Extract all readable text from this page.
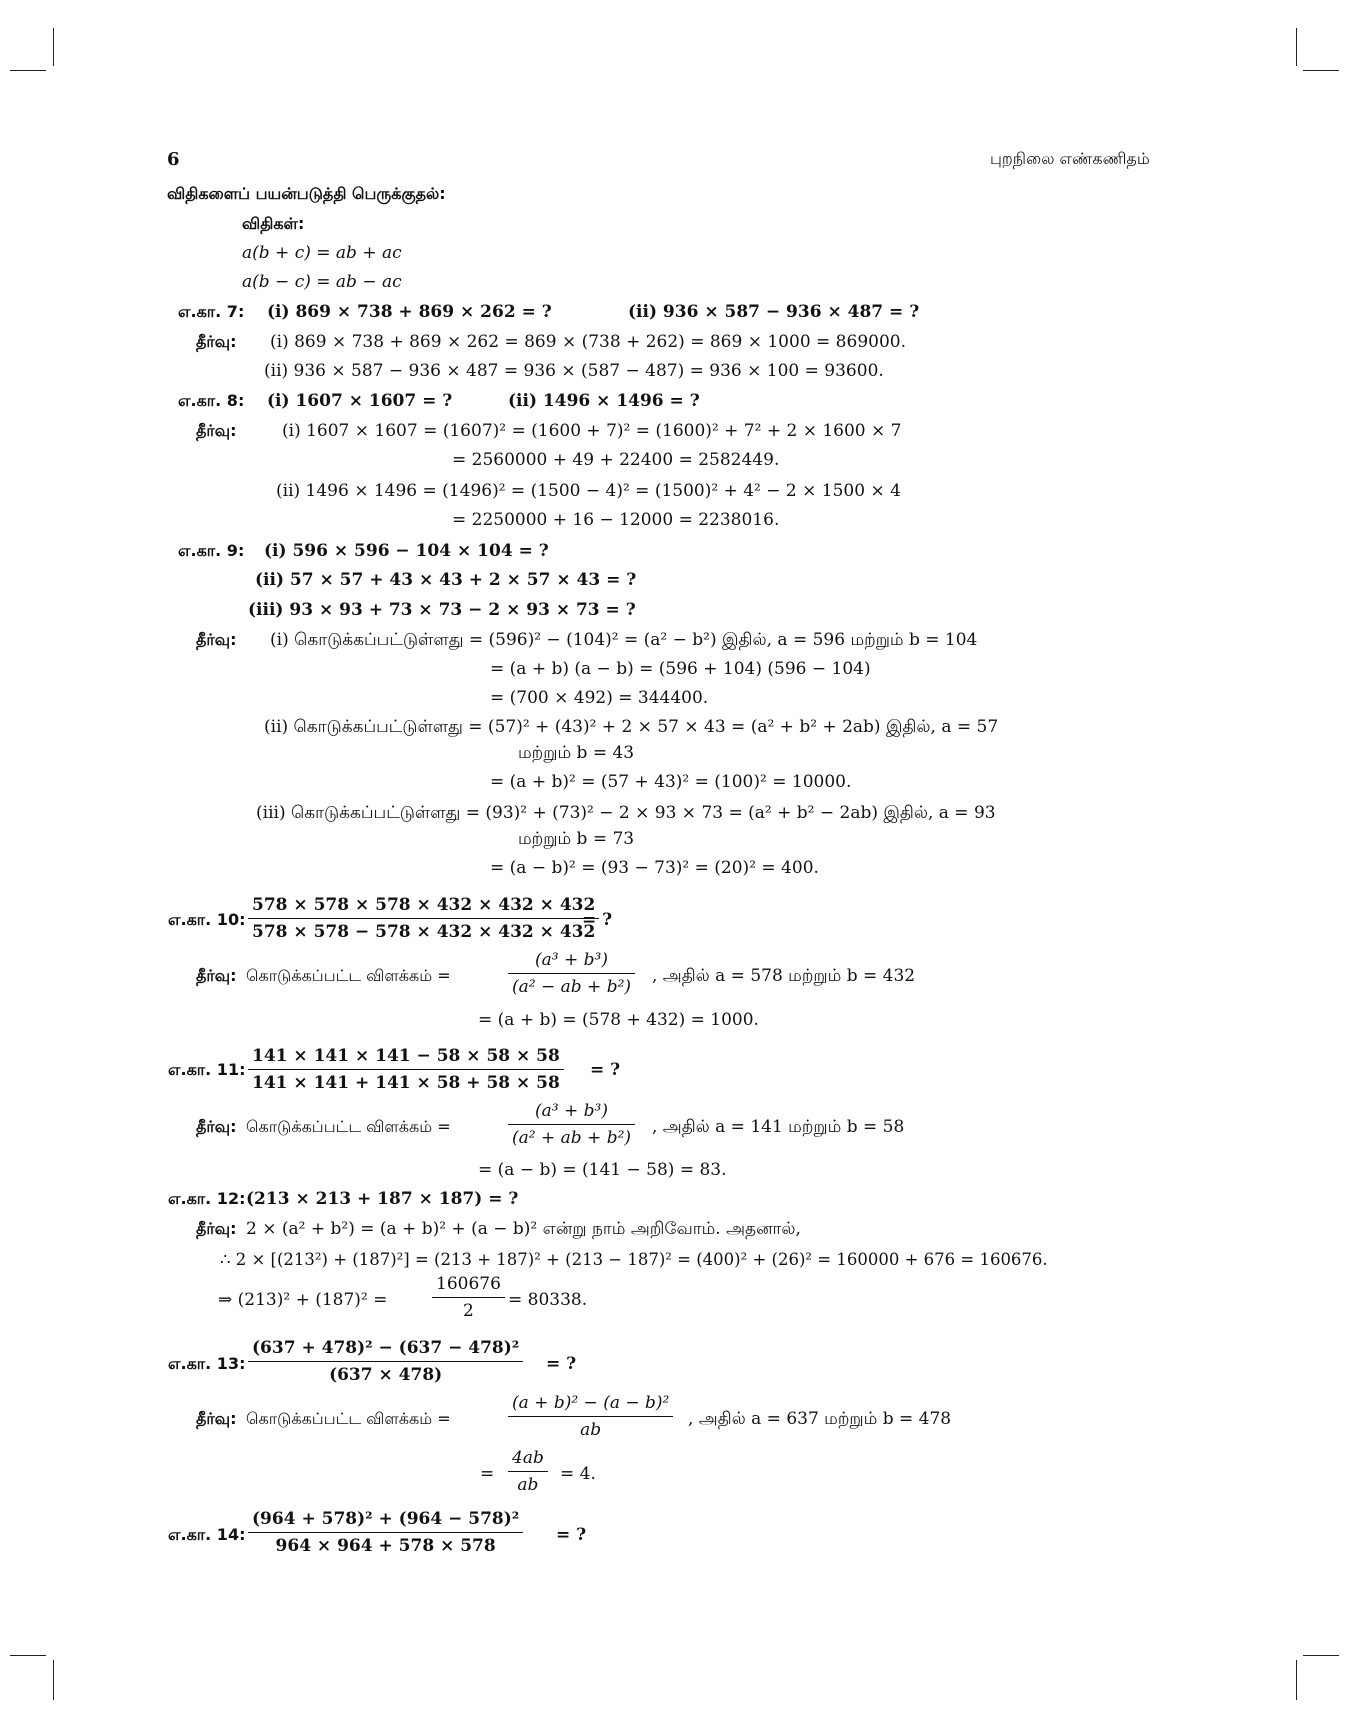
6	புறநிலை எண்கணிதம்
விதிகளைப் பயன்படுத்தி பெருக்குதல்:
விதிகள்:
a(b + c) = ab + ac
a(b − c) = ab − ac
எ.கா. 7: (i) 869 × 738 + 869 × 262 = ?	(ii) 936 × 587 − 936 × 487 = ?
தீர்வு: (i) 869 × 738 + 869 × 262 = 869 × (738 + 262) = 869 × 1000 = 869000.
(ii) 936 × 587 − 936 × 487 = 936 × (587 − 487) = 936 × 100 = 93600.
எ.கா. 8: (i) 1607 × 1607 = ?	(ii) 1496 × 1496 = ?
தீர்வு:	(i) 1607 × 1607 = (1607)² = (1600 + 7)² = (1600)² + 7² + 2 × 1600 × 7
= 2560000 + 49 + 22400 = 2582449.
(ii) 1496 × 1496 = (1496)² = (1500 − 4)² = (1500)² + 4² − 2 × 1500 × 4
= 2250000 + 16 − 12000 = 2238016.
எ.கா. 9: (i) 596 × 596 − 104 × 104 = ?
(ii) 57 × 57 + 43 × 43 + 2 × 57 × 43 = ?
(iii) 93 × 93 + 73 × 73 − 2 × 93 × 73 = ?
தீர்வு: (i) கொடுக்கப்பட்டுள்ளது = (596)² − (104)² = (a² − b²) இதில், a = 596 மற்றும் b = 104
= (a + b) (a − b) = (596 + 104) (596 − 104)
= (700 × 492) = 344400.
(ii) கொடுக்கப்பட்டுள்ளது = (57)² + (43)² + 2 × 57 × 43 = (a² + b² + 2ab) இதில், a = 57
மற்றும் b = 43
= (a + b)² = (57 + 43)² = (100)² = 10000.
(iii) கொடுக்கப்பட்டுள்ளது = (93)² + (73)² − 2 × 93 × 73 = (a² + b² − 2ab) இதில், a = 93
மற்றும் b = 73
= (a − b)² = (93 − 73)² = (20)² = 400.
எ.கா. 10: $\frac{578 \times 578 \times 578 \times 432 \times 432 \times 432}{578 \times 578 - 578 \times 432 \times 432 \times 432}$
= ?
தீர்வு: கொடுக்கப்பட்ட விளக்கம் =	$\frac{\text{(a³ + b³)}}{\text{(a² − ab + b²)}}$ , அதில் a = 578 மற்றும் b = 432
= (a + b) = (578 + 432) = 1000.
எ.கா. 11: $\frac{141 \times 141 \times 141 - 58 \times 58 \times 58}{141 \times 141 + 141 \times 58 + 58 \times 58}$ = ?
தீர்வு: கொடுக்கப்பட்ட விளக்கம் =	$\frac{\text{(a³ + b³)}}{\text{(a² + ab + b²)}}$ , அதில் a = 141 மற்றும் b = 58
= (a − b) = (141 − 58) = 83.
எ.கா. 12: (213 × 213 + 187 × 187) = ?
தீர்வு: 2 × (a² + b²) = (a + b)² + (a − b)² என்று நாம் அறிவோம். அதனால்,
∴ 2 × [(213²) + (187)²] = (213 + 187)² + (213 − 187)² = (400)² + (26)² = 160000 + 676 = 160676.
⇒ (213)² + (187)² =	$\frac{160676}{2} = 80338$.
எ.கா. 13: $\frac{\text{(637 + 478)² − (637 − 478)²}}{(637 \times 478)}$ = ?
தீர்வு: கொடுக்கப்பட்ட விளக்கம் =	$\frac{\text{(a + b)² − (a − b)²}}{ab}$ , அதில் a = 637 மற்றும் b = 478
= $\frac{4ab}{ab} = 4$.
எ.கா. 14: $\frac{\text{(964 + 578)² + (964 − 578)²}}{964 \times 964 + 578 \times 578}$ = ?
